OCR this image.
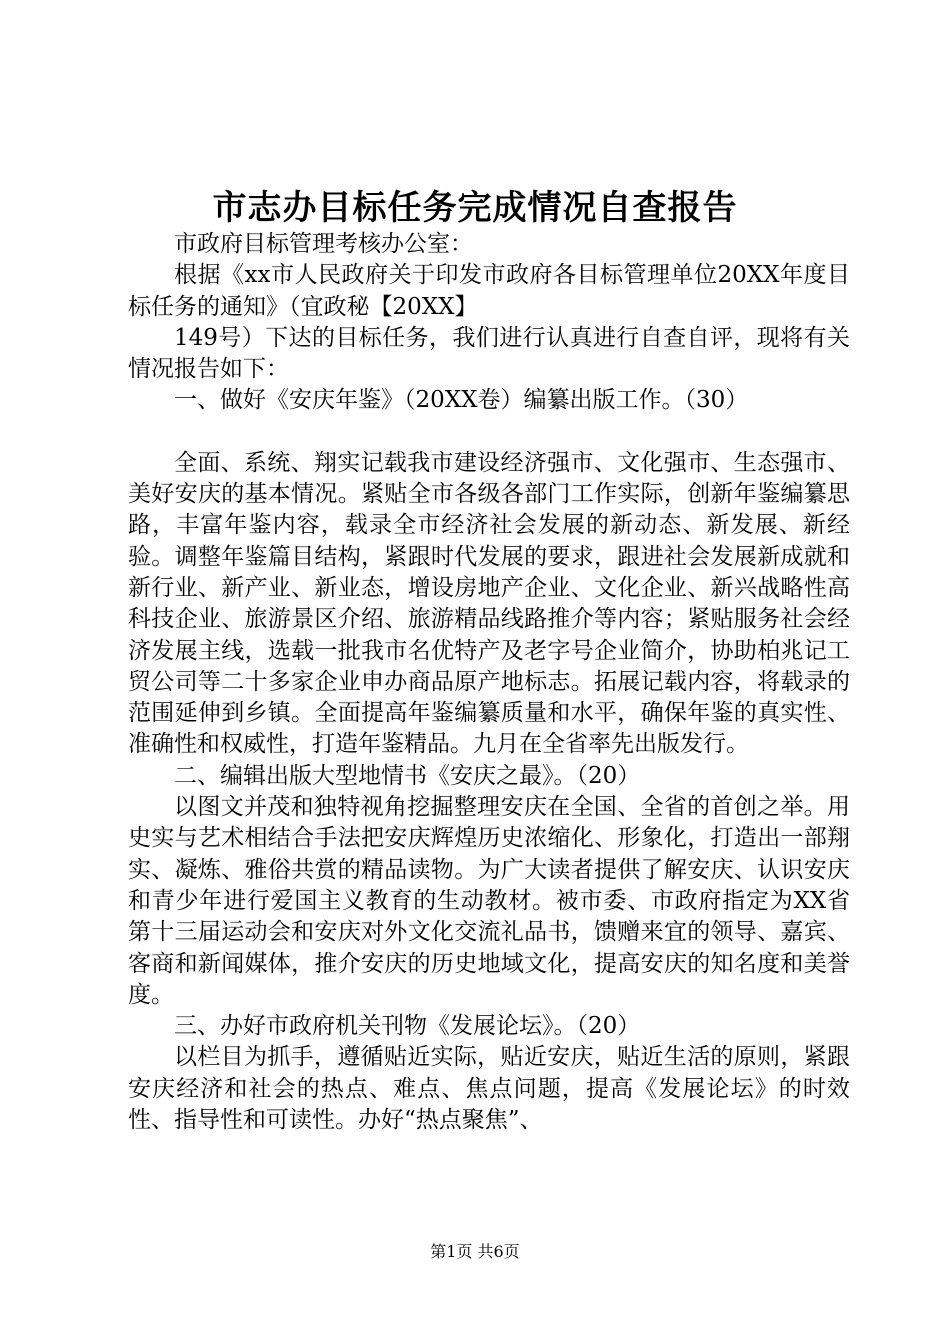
市志办目标任务完成情况自查报告

市政府目标管理考核办公室：

根据《xx市人民政府关于印发市政府各目标管理单位20XX年度目标任务的通知》（宜政秘【20XX】

149号）下达的目标任务，我们进行认真进行自查自评，现将有关情况报告如下：

一、做好《安庆年鉴》（20XX卷）编纂出版工作。（30）

全面、系统、翔实记载我市建设经济强市、文化强市、生态强市、美好安庆的基本情况。紧贴全市各级各部门工作实际，创新年鉴编纂思路，丰富年鉴内容，载录全市经济社会发展的新动态、新发展、新经验。调整年鉴篇目结构，紧跟时代发展的要求，跟进社会发展新成就和新行业、新产业、新业态，增设房地产企业、文化企业、新兴战略性高科技企业、旅游景区介绍、旅游精品线路推介等内容；紧贴服务社会经济发展主线，选载一批我市名优特产及老字号企业简介，协助柏兆记工贸公司等二十多家企业申办商品原产地标志。拓展记载内容，将载录的范围延伸到乡镇。全面提高年鉴编纂质量和水平，确保年鉴的真实性、准确性和权威性，打造年鉴精品。九月在全省率先出版发行。

二、编辑出版大型地情书《安庆之最》。（20）

以图文并茂和独特视角挖掘整理安庆在全国、全省的首创之举。用史实与艺术相结合手法把安庆辉煌历史浓缩化、形象化，打造出一部翔实、凝炼、雅俗共赏的精品读物。为广大读者提供了解安庆、认识安庆和青少年进行爱国主义教育的生动教材。被市委、市政府指定为XX省第十三届运动会和安庆对外文化交流礼品书，馈赠来宜的领导、嘉宾、客商和新闻媒体，推介安庆的历史地域文化，提高安庆的知名度和美誉度。

三、办好市政府机关刊物《发展论坛》。（20）

以栏目为抓手，遵循贴近实际，贴近安庆，贴近生活的原则，紧跟安庆经济和社会的热点、难点、焦点问题，提高《发展论坛》的时效性、指导性和可读性。办好“热点聚焦”、

第1页 共6页
